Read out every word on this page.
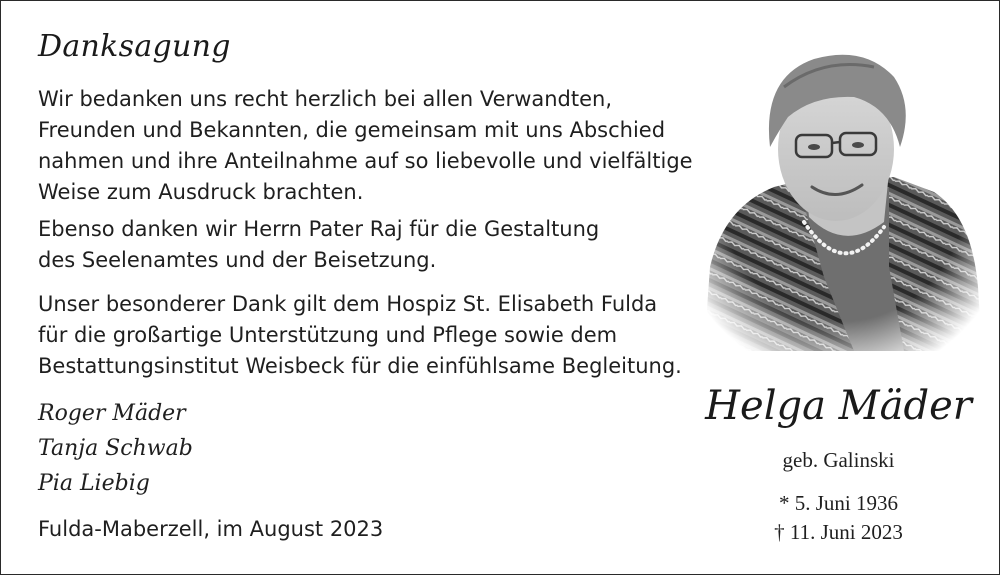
Danksagung
Wir bedanken uns recht herzlich bei allen Verwandten,
Freunden und Bekannten, die gemeinsam mit uns Abschied
nahmen und ihre Anteilnahme auf so liebevolle und vielfältige
Weise zum Ausdruck brachten.
Ebenso danken wir Herrn Pater Raj für die Gestaltung
des Seelenamtes und der Beisetzung.
Unser besonderer Dank gilt dem Hospiz St. Elisabeth Fulda
für die großartige Unterstützung und Pflege sowie dem
Bestattungsinstitut Weisbeck für die einfühlsame Begleitung.
Roger Mäder
Tanja Schwab
Pia Liebig
Fulda-Maberzell, im August 2023
Helga Mäder
geb. Galinski
* 5. Juni 1936
† 11. Juni 2023
